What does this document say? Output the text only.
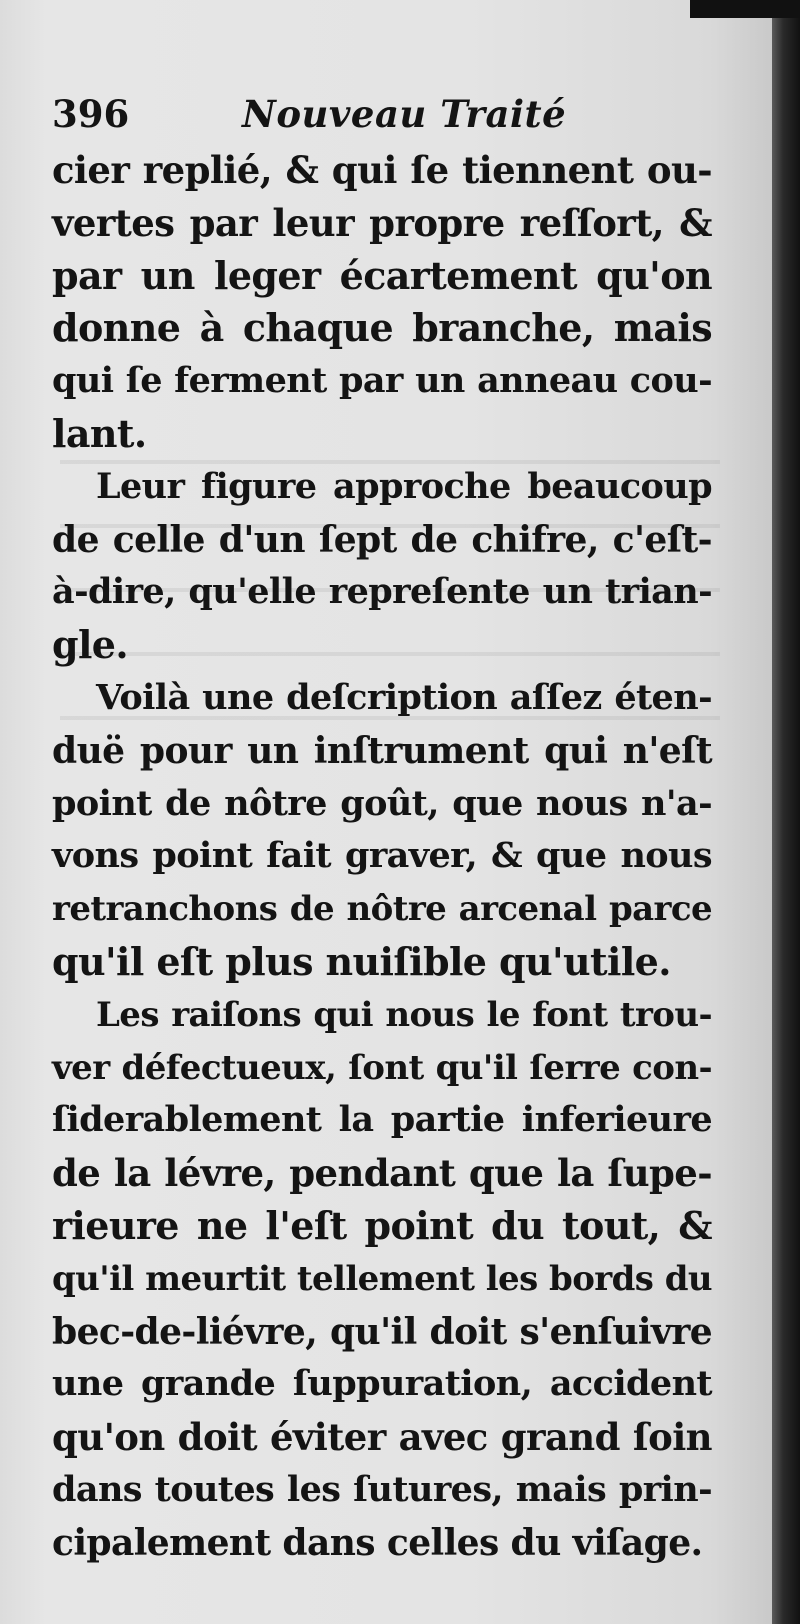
396	Nouveau Traité
cier replié, & qui ſe tiennent ou-
vertes par leur propre reſſort, &
par un leger écartement qu'on
donne à chaque branche, mais
qui ſe ferment par un anneau cou-
lant.
Leur figure approche beaucoup
de celle d'un ſept de chifre, c'eſt-
à-dire, qu'elle repreſente un trian-
gle.
Voilà une deſcription aſſez éten-
duë pour un inſtrument qui n'eſt
point de nôtre goût, que nous n'a-
vons point fait graver, & que nous
retranchons de nôtre arcenal parce
qu'il eſt plus nuiſible qu'utile.
Les raiſons qui nous le font trou-
ver défectueux, ſont qu'il ſerre con-
ſiderablement la partie inferieure
de la lévre, pendant que la ſupe-
rieure ne l'eſt point du tout, &
qu'il meurtit tellement les bords du
bec-de-liévre, qu'il doit s'enſuivre
une grande ſuppuration, accident
qu'on doit éviter avec grand ſoin
dans toutes les ſutures, mais prin-
cipalement dans celles du viſage.
